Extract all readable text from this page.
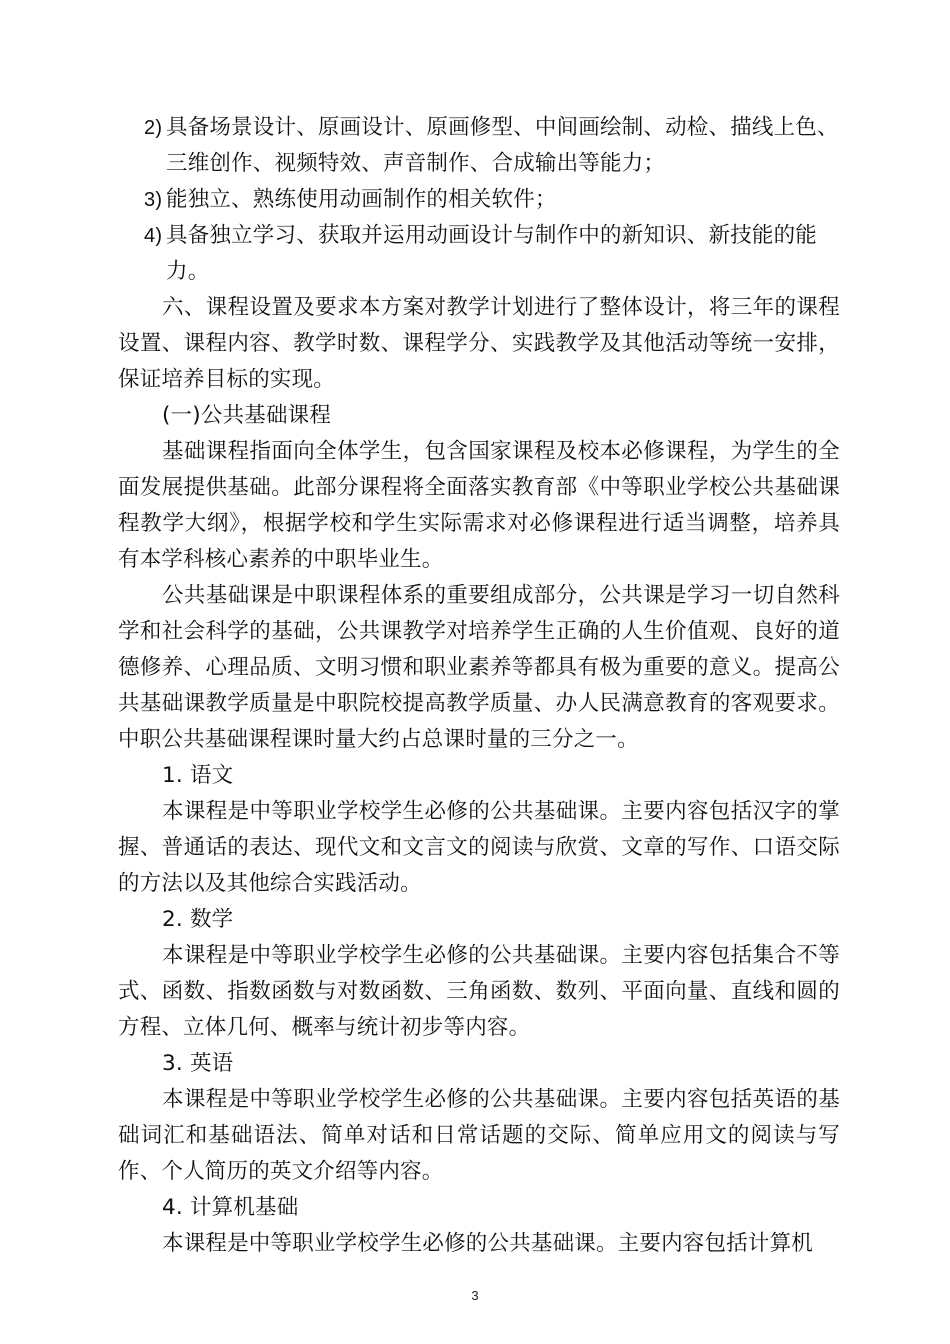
2) 具备场景设计、原画设计、原画修型、中间画绘制、动检、描线上色、三维创作、视频特效、声音制作、合成输出等能力；

3) 能独立、熟练使用动画制作的相关软件；

4) 具备独立学习、获取并运用动画设计与制作中的新知识、新技能的能力。

六、课程设置及要求本方案对教学计划进行了整体设计，将三年的课程设置、课程内容、教学时数、课程学分、实践教学及其他活动等统一安排，保证培养目标的实现。

(一)公共基础课程

基础课程指面向全体学生，包含国家课程及校本必修课程，为学生的全面发展提供基础。此部分课程将全面落实教育部《中等职业学校公共基础课程教学大纲》，根据学校和学生实际需求对必修课程进行适当调整，培养具有本学科核心素养的中职毕业生。

公共基础课是中职课程体系的重要组成部分，公共课是学习一切自然科学和社会科学的基础，公共课教学对培养学生正确的人生价值观、良好的道德修养、心理品质、文明习惯和职业素养等都具有极为重要的意义。提高公共基础课教学质量是中职院校提高教学质量、办人民满意教育的客观要求。中职公共基础课程课时量大约占总课时量的三分之一。

1. 语文

本课程是中等职业学校学生必修的公共基础课。主要内容包括汉字的掌握、普通话的表达、现代文和文言文的阅读与欣赏、文章的写作、口语交际的方法以及其他综合实践活动。

2. 数学

本课程是中等职业学校学生必修的公共基础课。主要内容包括集合不等式、函数、指数函数与对数函数、三角函数、数列、平面向量、直线和圆的方程、立体几何、概率与统计初步等内容。

3. 英语

本课程是中等职业学校学生必修的公共基础课。主要内容包括英语的基础词汇和基础语法、简单对话和日常话题的交际、简单应用文的阅读与写作、个人简历的英文介绍等内容。

4. 计算机基础

本课程是中等职业学校学生必修的公共基础课。主要内容包括计算机

3
